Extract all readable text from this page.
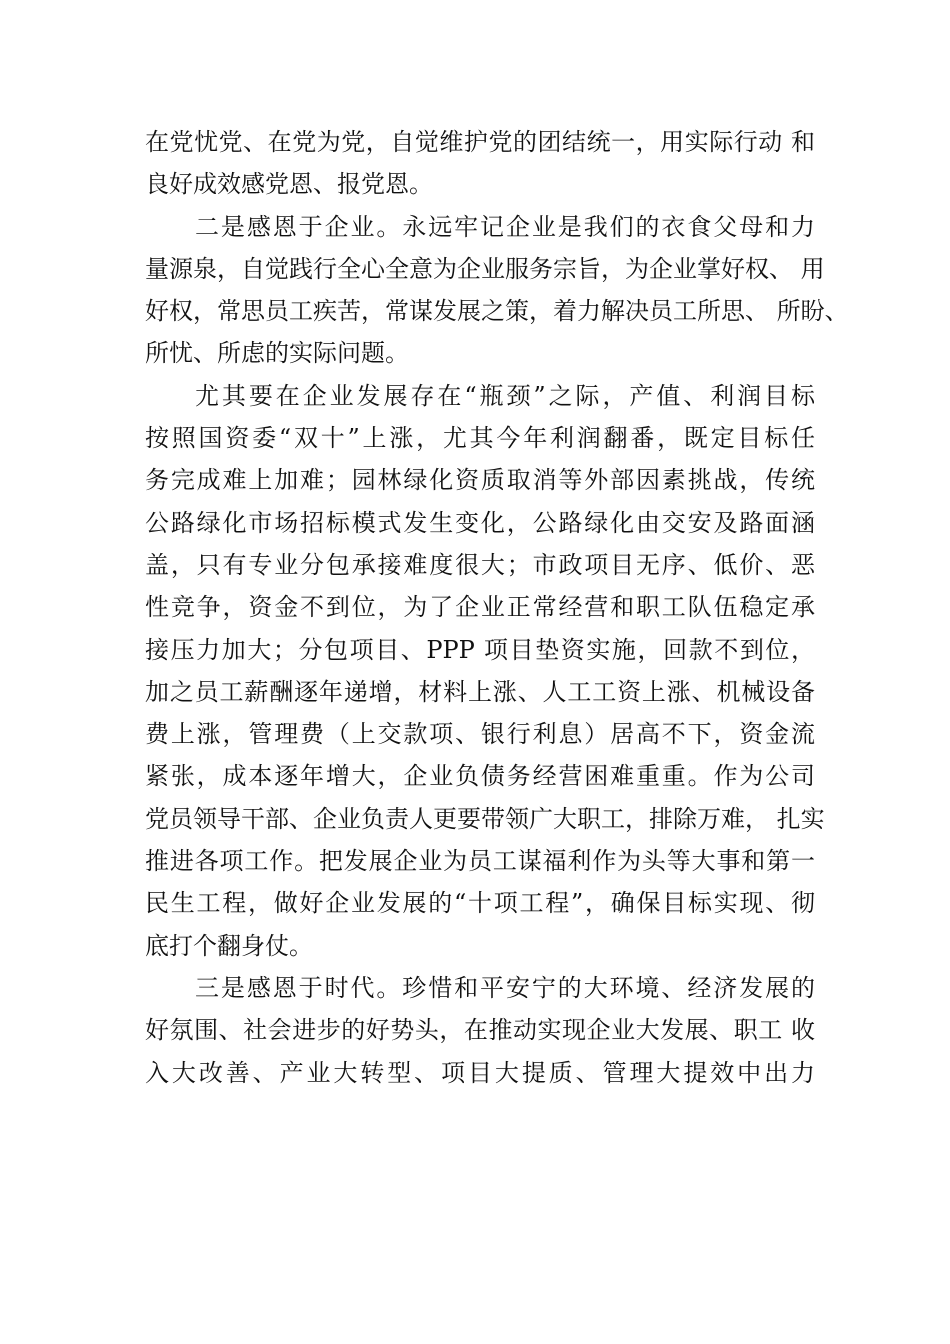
在党忧党、在党为党，自觉维护党的团结统一，用实际行动 和
良好成效感党恩、报党恩。
二是感恩于企业。永远牢记企业是我们的衣食父母和力
量源泉，自觉践行全心全意为企业服务宗旨，为企业掌好权、 用
好权，常思员工疾苦，常谋发展之策，着力解决员工所思、 所盼、
所忧、所虑的实际问题。
尤其要在企业发展存在“瓶颈”之际，产值、利润目标
按照国资委“双十”上涨，尤其今年利润翻番，既定目标任
务完成难上加难；园林绿化资质取消等外部因素挑战，传统
公路绿化市场招标模式发生变化，公路绿化由交安及路面涵
盖，只有专业分包承接难度很大；市政项目无序、低价、恶
性竞争，资金不到位，为了企业正常经营和职工队伍稳定承
接压力加大；分包项目、PPP 项目垫资实施，回款不到位，
加之员工薪酬逐年递增，材料上涨、人工工资上涨、机械设备
费上涨，管理费（上交款项、银行利息）居高不下，资金流
紧张，成本逐年增大，企业负债务经营困难重重。作为公司
党员领导干部、企业负责人更要带领广大职工，排除万难， 扎实
推进各项工作。把发展企业为员工谋福利作为头等大事和第一
民生工程，做好企业发展的“十项工程”，确保目标实现、彻
底打个翻身仗。
三是感恩于时代。珍惜和平安宁的大环境、经济发展的
好氛围、社会进步的好势头，在推动实现企业大发展、职工 收
入大改善、产业大转型、项目大提质、管理大提效中出力
